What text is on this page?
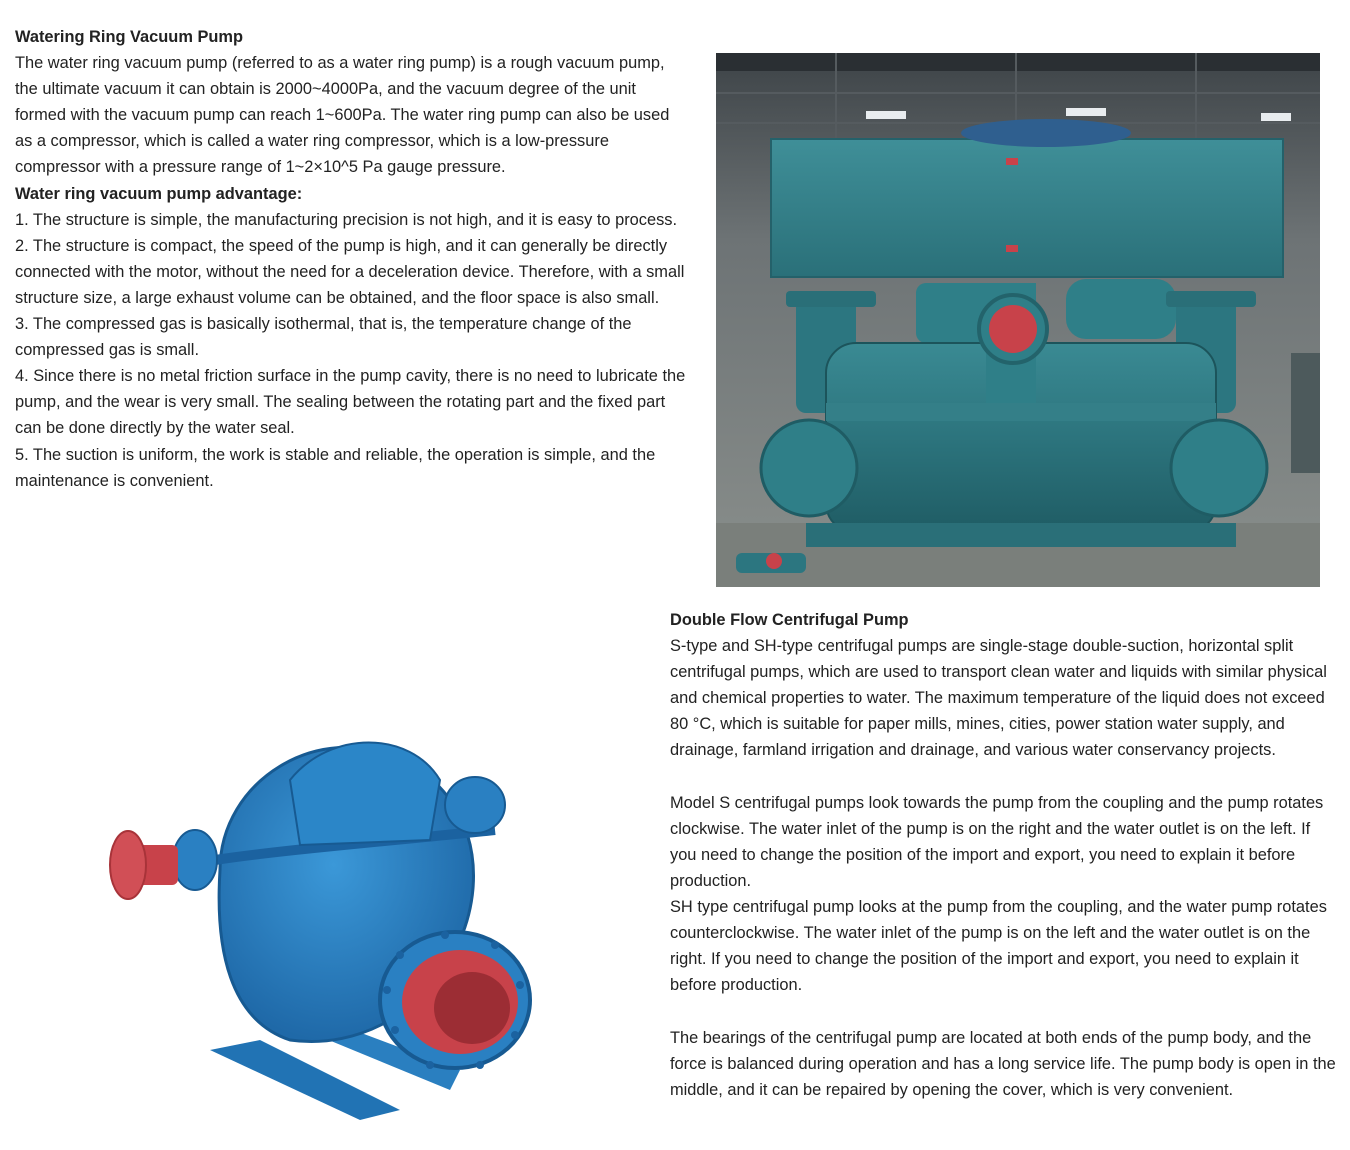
Watering Ring Vacuum Pump

The water ring vacuum pump (referred to as a water ring pump) is a rough vacuum pump, the ultimate vacuum it can obtain is 2000~4000Pa, and the vacuum degree of the unit formed with the vacuum pump can reach 1~600Pa. The water ring pump can also be used as a compressor, which is called a water ring compressor, which is a low-pressure compressor with a pressure range of 1~2×10^5 Pa gauge pressure.

Water ring vacuum pump advantage:

1. The structure is simple, the manufacturing precision is not high, and it is easy to process.

2. The structure is compact, the speed of the pump is high, and it can generally be directly connected with the motor, without the need for a deceleration device. Therefore, with a small structure size, a large exhaust volume can be obtained, and the floor space is also small.

3. The compressed gas is basically isothermal, that is, the temperature change of the compressed gas is small.

4. Since there is no metal friction surface in the pump cavity, there is no need to lubricate the pump, and the wear is very small. The sealing between the rotating part and the fixed part can be done directly by the water seal.

5. The suction is uniform, the work is stable and reliable, the operation is simple, and the maintenance is convenient.

Double Flow Centrifugal Pump

S-type and SH-type centrifugal pumps are single-stage double-suction, horizontal split centrifugal pumps, which are used to transport clean water and liquids with similar physical and chemical properties to water. The maximum temperature of the liquid does not exceed 80 °C, which is suitable for paper mills, mines, cities, power station water supply, and drainage, farmland irrigation and drainage, and various water conservancy projects.

Model S centrifugal pumps look towards the pump from the coupling and the pump rotates clockwise. The water inlet of the pump is on the right and the water outlet is on the left. If you need to change the position of the import and export, you need to explain it before production.

SH type centrifugal pump looks at the pump from the coupling, and the water pump rotates counterclockwise. The water inlet of the pump is on the left and the water outlet is on the right. If you need to change the position of the import and export, you need to explain it before production.

The bearings of the centrifugal pump are located at both ends of the pump body, and the force is balanced during operation and has a long service life. The pump body is open in the middle, and it can be repaired by opening the cover, which is very convenient.
